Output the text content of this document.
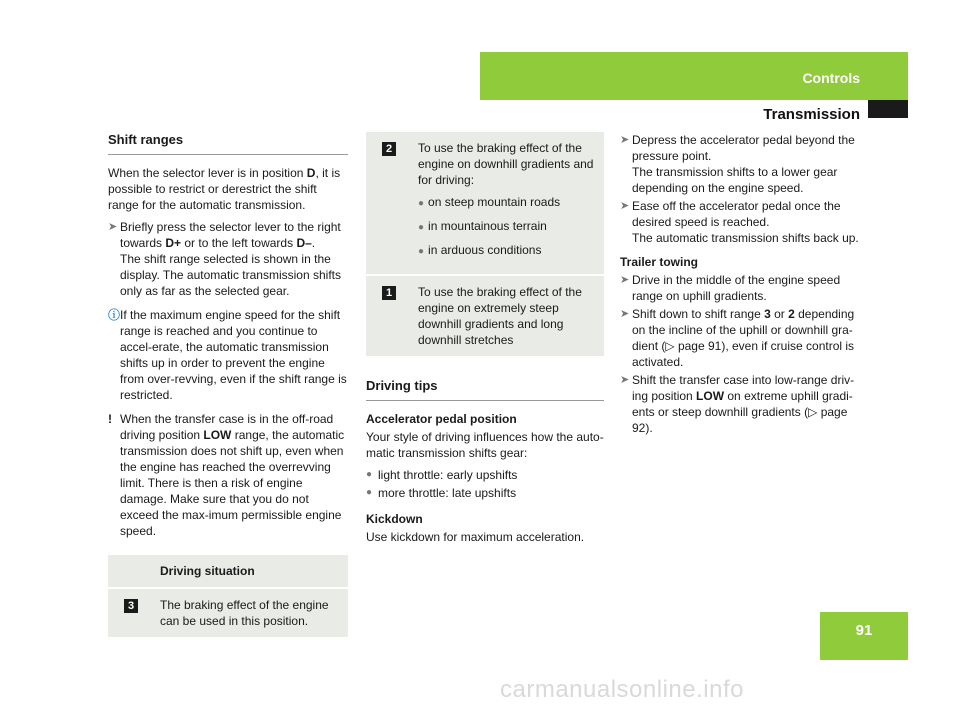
Controls
Transmission
Shift ranges

When the selector lever is in position D, it is possible to restrict or derestrict the shift range for the automatic transmission.

➤ Briefly press the selector lever to the right towards D+ or to the left towards D–.
The shift range selected is shown in the display. The automatic transmission shifts only as far as the selected gear.
ⓘ If the maximum engine speed for the shift range is reached and you continue to accel-erate, the automatic transmission shifts up in order to prevent the engine from over-revving, even if the shift range is restricted.
! When the transfer case is in the off-road driving position LOW range, the automatic transmission does not shift up, even when the engine has reached the overrevving limit. There is then a risk of engine damage. Make sure that you do not exceed the max-imum permissible engine speed.
	Driving situation
3	The braking effect of the engine can be used in this position.
2	To use the braking effect of the engine on downhill gradients and for driving:
● on steep mountain roads
● in mountainous terrain
● in arduous conditions

1	To use the braking effect of the engine on extremely steep downhill gradients and long downhill stretches
Driving tips
Accelerator pedal position

Your style of driving influences how the auto-matic transmission shifts gear:

● light throttle: early upshifts
● more throttle: late upshifts
Kickdown

Use kickdown for maximum acceleration.

➤ Depress the accelerator pedal beyond the pressure point.
The transmission shifts to a lower gear depending on the engine speed.
➤ Ease off the accelerator pedal once the desired speed is reached.
The automatic transmission shifts back up.
Trailer towing
➤ Drive in the middle of the engine speed range on uphill gradients.
➤ Shift down to shift range 3 or 2 depending on the incline of the uphill or downhill gra-dient (▷ page 91), even if cruise control is activated.
➤ Shift the transfer case into low-range driv-ing position LOW on extreme uphill gradi-ents or steep downhill gradients (▷ page 92).
91
carmanualsonline.info
